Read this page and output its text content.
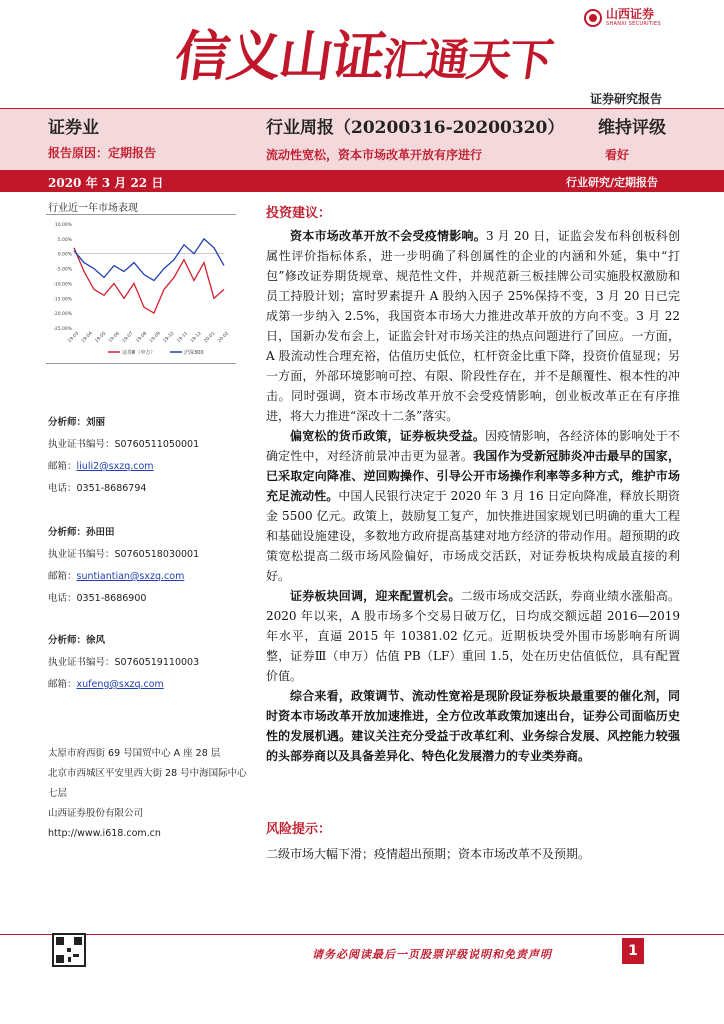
信义山证汇通天下
山西证券
SHANXI SECURITIES
证券研究报告
证券业	行业周报（20200316-20200320） 维持评级
报告原因：定期报告	流动性宽松，资本市场改革开放有序进行	看好
2020 年 3 月 22 日	行业研究/定期报告
行业近一年市场表现
10.00%
5.00%
0.00%
-5.00%
-10.00%
-15.00%
-20.00%
-25.00%
19-03 19-04 19-05 19-06 19-07 19-08 19-09 19-10 19-11 19-12 20-01 20-02
证券Ⅲ（申万）	沪深300
分析师：刘丽
执业证书编号：S0760511050001
邮箱：liuli2@sxzq.com
电话：0351-8686794
分析师：孙田田
执业证书编号：S0760518030001
邮箱：suntiantian@sxzq.com
电话：0351-8686900
分析师：徐风
执业证书编号：S0760519110003
邮箱：xufeng@sxzq.com
太原市府西街 69 号国贸中心 A 座 28 层
北京市西城区平安里西大街 28 号中海国际中心七层
山西证券股份有限公司
http://www.i618.com.cn
投资建议：

资本市场改革开放不会受疫情影响。3 月 20 日，证监会发布科创板科创属性评价指标体系，进一步明确了科创属性的企业的内涵和外延，集中“打包”修改证券期货规章、规范性文件，并规范新三板挂牌公司实施股权激励和员工持股计划；富时罗素提升 A 股纳入因子 25%保持不变，3 月 20 日已完成第一步纳入 2.5%，我国资本市场大力推进改革开放的方向不变。3 月 22 日，国新办发布会上，证监会针对市场关注的热点问题进行了回应。一方面，A 股流动性合理充裕，估值历史低位，杠杆资金比重下降，投资价值显现；另一方面，外部环境影响可控、有限、阶段性存在，并不是颠覆性、根本性的冲击。同时强调，资本市场改革开放不会受疫情影响，创业板改革正在有序推进，将大力推进“深改十二条”落实。

偏宽松的货币政策，证券板块受益。因疫情影响，各经济体的影响处于不确定性中，对经济前景冲击更为显著。我国作为受新冠肺炎冲击最早的国家，已采取定向降准、逆回购操作、引导公开市场操作利率等多种方式，维护市场充足流动性。中国人民银行决定于 2020 年 3 月 16 日定向降准，释放长期资金 5500 亿元。政策上，鼓励复工复产，加快推进国家规划已明确的重大工程和基础设施建设，多数地方政府提高基建对地方经济的带动作用。超预期的政策宽松提高二级市场风险偏好，市场成交活跃，对证券板块构成最直接的利好。

证券板块回调，迎来配置机会。二级市场成交活跃，券商业绩水涨船高。2020 年以来，A 股市场多个交易日破万亿，日均成交额远超 2016—2019 年水平，直逼 2015 年 10381.02 亿元。近期板块受外围市场影响有所调整，证券Ⅲ（申万）估值 PB（LF）重回 1.5，处在历史估值低位，具有配置价值。

综合来看，政策调节、流动性宽裕是现阶段证券板块最重要的催化剂，同时资本市场改革开放加速推进，全方位改革政策加速出台，证券公司面临历史性的发展机遇。建议关注充分受益于改革红利、业务综合发展、风控能力较强的头部券商以及具备差异化、特色化发展潜力的专业类券商。

风险提示：
二级市场大幅下滑；疫情超出预期；资本市场改革不及预期。
请务必阅读最后一页股票评级说明和免责声明	1
